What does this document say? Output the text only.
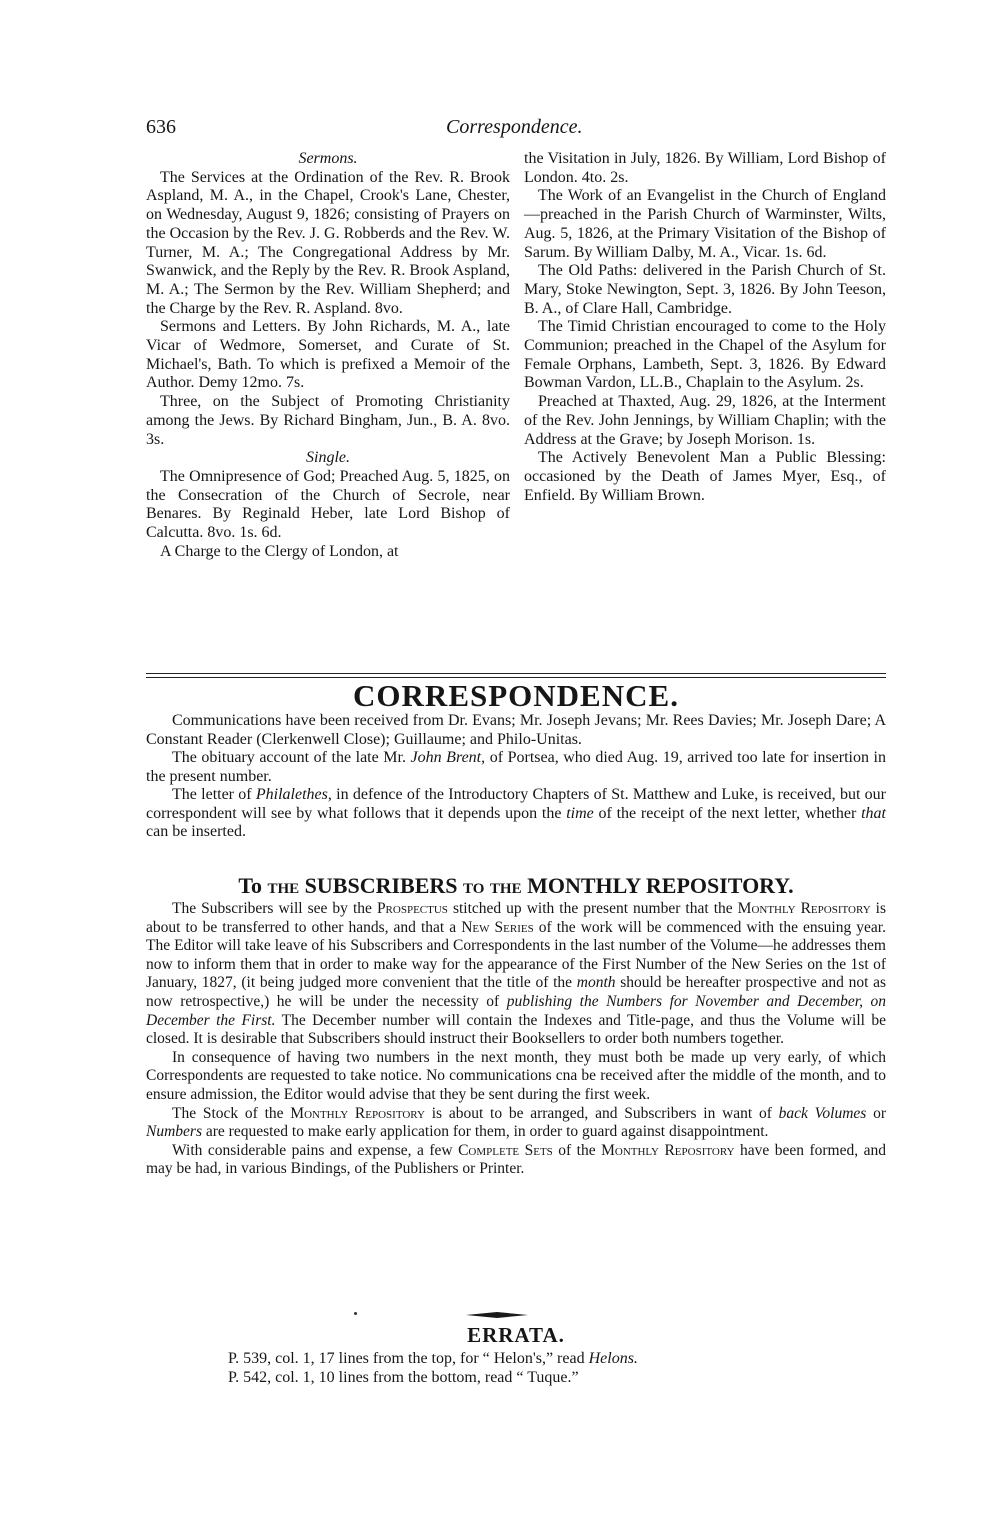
636	Correspondence.

Sermons.

The Services at the Ordination of the Rev. R. Brook Aspland, M. A., in the Chapel, Crook's Lane, Chester, on Wednesday, August 9, 1826; consisting of Prayers on the Occasion by the Rev. J. G. Robberds and the Rev. W. Turner, M. A.; The Congregational Address by Mr. Swanwick, and the Reply by the Rev. R. Brook Aspland, M. A.; The Sermon by the Rev. William Shepherd; and the Charge by the Rev. R. Aspland. 8vo.

Sermons and Letters. By John Richards, M. A., late Vicar of Wedmore, Somerset, and Curate of St. Michael's, Bath. To which is prefixed a Memoir of the Author. Demy 12mo. 7s.

Three, on the Subject of Promoting Christianity among the Jews. By Richard Bingham, Jun., B. A. 8vo. 3s.

Single.

The Omnipresence of God; Preached Aug. 5, 1825, on the Consecration of the Church of Secrole, near Benares. By Reginald Heber, late Lord Bishop of Calcutta. 8vo. 1s. 6d.

A Charge to the Clergy of London, at

the Visitation in July, 1826. By William, Lord Bishop of London. 4to. 2s.

The Work of an Evangelist in the Church of England—preached in the Parish Church of Warminster, Wilts, Aug. 5, 1826, at the Primary Visitation of the Bishop of Sarum. By William Dalby, M. A., Vicar. 1s. 6d.

The Old Paths: delivered in the Parish Church of St. Mary, Stoke Newington, Sept. 3, 1826. By John Teeson, B. A., of Clare Hall, Cambridge.

The Timid Christian encouraged to come to the Holy Communion; preached in the Chapel of the Asylum for Female Orphans, Lambeth, Sept. 3, 1826. By Edward Bowman Vardon, LL.B., Chaplain to the Asylum. 2s.

Preached at Thaxted, Aug. 29, 1826, at the Interment of the Rev. John Jennings, by William Chaplin; with the Address at the Grave; by Joseph Morison. 1s.

The Actively Benevolent Man a Public Blessing: occasioned by the Death of James Myer, Esq., of Enfield. By William Brown.

CORRESPONDENCE.

Communications have been received from Dr. Evans; Mr. Joseph Jevans; Mr. Rees Davies; Mr. Joseph Dare; A Constant Reader (Clerkenwell Close); Guillaume; and Philo-Unitas.

The obituary account of the late Mr. John Brent, of Portsea, who died Aug. 19, arrived too late for insertion in the present number.

The letter of Philalethes, in defence of the Introductory Chapters of St. Matthew and Luke, is received, but our correspondent will see by what follows that it depends upon the time of the receipt of the next letter, whether that can be inserted.

To the SUBSCRIBERS to the MONTHLY REPOSITORY.

The Subscribers will see by the Prospectus stitched up with the present number that the Monthly Repository is about to be transferred to other hands, and that a New Series of the work will be commenced with the ensuing year. The Editor will take leave of his Subscribers and Correspondents in the last number of the Volume—he addresses them now to inform them that in order to make way for the appearance of the First Number of the New Series on the 1st of January, 1827, (it being judged more convenient that the title of the month should be hereafter prospective and not as now retrospective,) he will be under the necessity of publishing the Numbers for November and December, on December the First. The December number will contain the Indexes and Title-page, and thus the Volume will be closed. It is desirable that Subscribers should instruct their Booksellers to order both numbers together.

In consequence of having two numbers in the next month, they must both be made up very early, of which Correspondents are requested to take notice. No communications cna be received after the middle of the month, and to ensure admission, the Editor would advise that they be sent during the first week.

The Stock of the Monthly Repository is about to be arranged, and Subscribers in want of back Volumes or Numbers are requested to make early application for them, in order to guard against disappointment.

With considerable pains and expense, a few Complete Sets of the Monthly Repository have been formed, and may be had, in various Bindings, of the Publishers or Printer.

ERRATA.
P. 539, col. 1, 17 lines from the top, for “ Helon's,” read Helons.
P. 542, col. 1, 10 lines from the bottom, read “ Tuque.”
